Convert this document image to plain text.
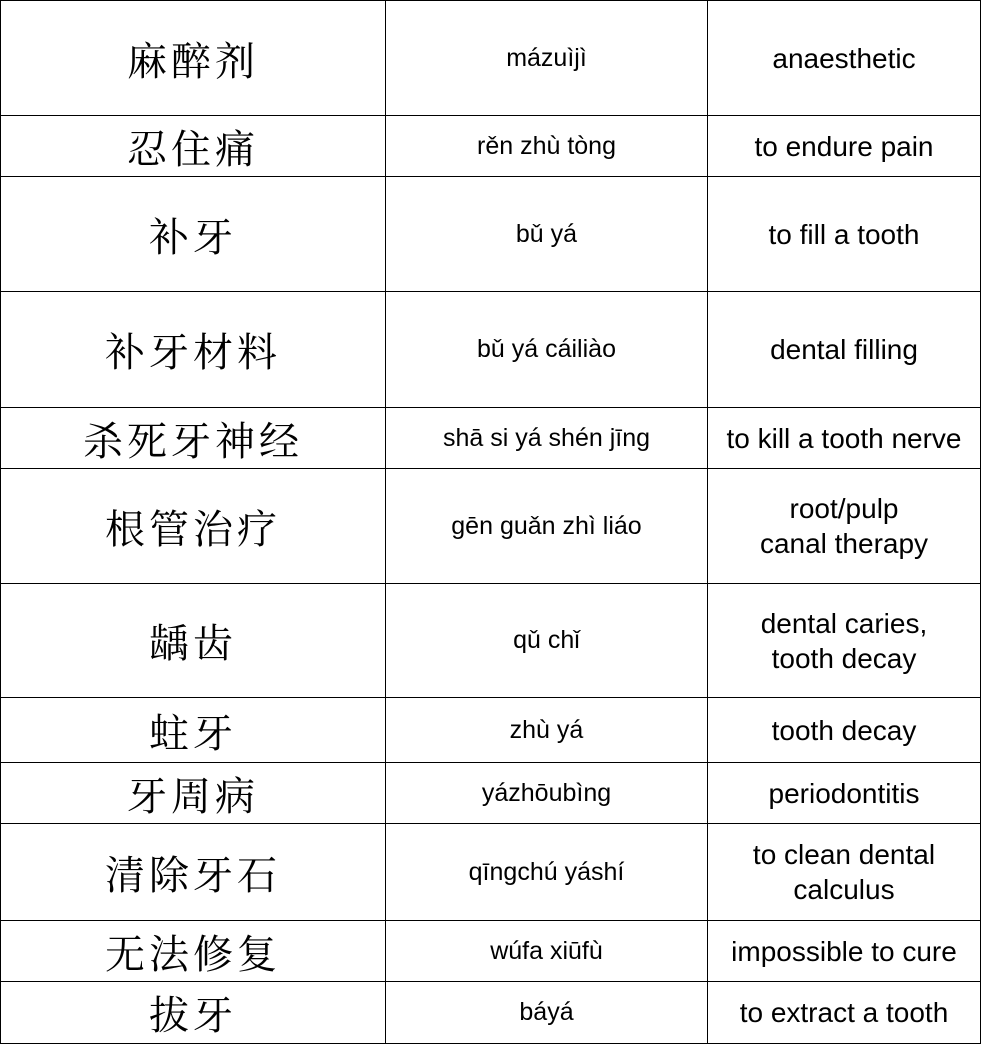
麻醉剂	mázuìjì	anaesthetic
忍住痛	rěn zhù tòng	to endure pain
补牙	bǔ yá	to fill a tooth
补牙材料	bǔ yá cáiliào	dental filling
杀死牙神经	shā si yá shén jīng	to kill a tooth nerve
根管治疗	gēn guǎn zhì liáo	root/pulp
canal therapy
龋齿	qǔ chǐ	dental caries,
tooth decay
蛀牙	zhù yá	tooth decay
牙周病	yázhōubìng	periodontitis
清除牙石	qīngchú yáshí	to clean dental
calculus
无法修复	wúfa xiūfù	impossible to cure
拔牙	báyá	to extract a tooth
